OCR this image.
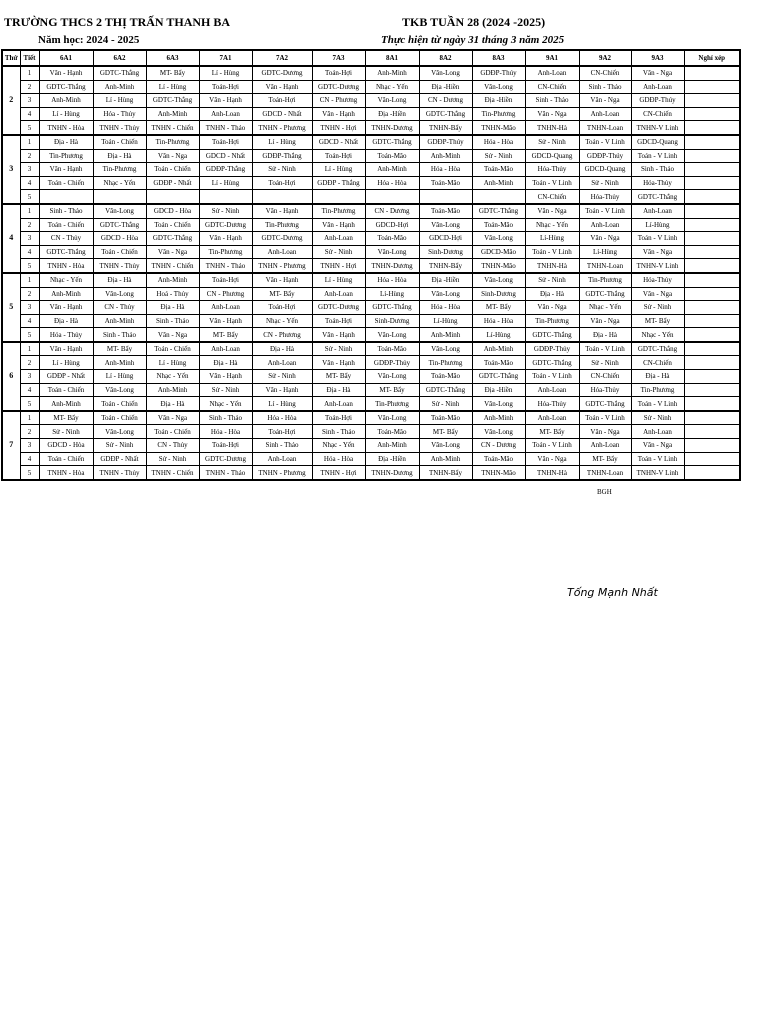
TRƯỜNG THCS 2 THỊ TRẤN THANH BA	TKB TUẦN 28 (2024 -2025)
Năm học: 2024 - 2025	Thực hiện từ ngày 31 tháng 3 năm 2025
Thứ	Tiết	6A1	6A2	6A3	7A1	7A2	7A3	8A1	8A2	8A3	9A1	9A2	9A3	Nghỉ xép
2	1	Văn - Hạnh	GDTC-Thắng	MT- Bẩy	Lí - Hùng	GDTC-Dương	Toán-Hợi	Anh-Minh	Văn-Long	GDĐP-Thúy	Anh-Loan	CN-Chiến	Văn - Nga	
	2	GDTC-Thắng	Anh-Minh	Lí - Hùng	Toán-Hợi	Văn - Hạnh	GDTC-Dương	Nhạc - Yến	Địa -Hiền	Văn-Long	CN-Chiến	Sinh - Thảo	Anh-Loan	
	3	Anh-Minh	Lí - Hùng	GDTC-Thắng	Văn - Hạnh	Toán-Hợi	CN - Phương	Văn-Long	CN - Dương	Địa -Hiền	Sinh - Thảo	Văn - Nga	GDĐP-Thúy	
	4	Lí - Hùng	Hóa - Thủy	Anh-Minh	Anh-Loan	GDCD - Nhất	Văn - Hạnh	Địa -Hiền	GDTC-Thắng	Tin-Phương	Văn - Nga	Anh-Loan	CN-Chiến	
	5	TNHN - Hòa	TNHN - Thủy	TNHN - Chiến	TNHN - Thảo	TNHN - Phương	TNHN - Hợi	TNHN-Dương	TNHN-Bẩy	TNHN-Mão	TNHN-Hà	TNHN-Loan	TNHN-V Linh	
3	1	Địa - Hà	Toán - Chiến	Tin-Phương	Toán-Hợi	Lí - Hùng	GDCD - Nhất	GDTC-Thắng	GDĐP-Thúy	Hóa - Hòa	Sử - Ninh	Toán - V Linh	GDCD-Quang	
	2	Tin-Phương	Địa - Hà	Văn - Nga	GDCD - Nhất	GDĐP-Thắng	Toán-Hợi	Toán-Mão	Anh-Minh	Sử - Ninh	GDCD-Quang	GDĐP-Thúy	Toán - V Linh	
	3	Văn - Hạnh	Tin-Phương	Toán - Chiến	GDĐP-Thắng	Sử - Ninh	Lí - Hùng	Anh-Minh	Hóa - Hòa	Toán-Mão	Hóa-Thủy	GDCD-Quang	Sinh - Thảo	
	4	Toán - Chiến	Nhạc - Yến	GDĐP - Nhất	Lí - Hùng	Toán-Hợi	GDĐP - Thắng	Hóa - Hòa	Toán-Mão	Anh-Minh	Toán - V Linh	Sử - Ninh	Hóa-Thủy	
	5										CN-Chiến	Hóa-Thủy	GDTC-Thắng	
4	1	Sinh - Thảo	Văn-Long	GDCD - Hòa	Sử - Ninh	Văn - Hạnh	Tin-Phương	CN - Dương	Toán-Mão	GDTC-Thắng	Văn - Nga	Toán - V Linh	Anh-Loan	
	2	Toán - Chiến	GDTC-Thắng	Toán - Chiến	GDTC-Dương	Tin-Phương	Văn - Hạnh	GDCD-Hợi	Văn-Long	Toán-Mão	Nhạc - Yến	Anh-Loan	Lí-Hùng	
	3	CN - Thủy	GDCD - Hòa	GDTC-Thắng	Văn - Hạnh	GDTC-Dương	Anh-Loan	Toán-Mão	GDCD-Hợi	Văn-Long	Lí-Hùng	Văn - Nga	Toán - V Linh	
	4	GDTC-Thắng	Toán - Chiến	Văn - Nga	Tin-Phương	Anh-Loan	Sử - Ninh	Văn-Long	Sinh-Dương	GDCD-Mão	Toán - V Linh	Lí-Hùng	Văn - Nga	
	5	TNHN - Hòa	TNHN - Thủy	TNHN - Chiến	TNHN - Thảo	TNHN - Phương	TNHN - Hợi	TNHN-Dương	TNHN-Bẩy	TNHN-Mão	TNHN-Hà	TNHN-Loan	TNHN-V Linh	
5	1	Nhạc - Yến	Địa - Hà	Anh-Minh	Toán-Hợi	Văn - Hạnh	Lí - Hùng	Hóa - Hòa	Địa -Hiền	Văn-Long	Sử - Ninh	Tin-Phương	Hóa-Thủy	
	2	Anh-Minh	Văn-Long	Hoá - Thủy	CN - Phương	MT- Bẩy	Anh-Loan	Lí-Hùng	Văn-Long	Sinh-Dương	Địa - Hà	GDTC-Thắng	Văn - Nga	
	3	Văn - Hạnh	CN - Thủy	Địa - Hà	Anh-Loan	Toán-Hợi	GDTC-Dương	GDTC-Thắng	Hóa - Hòa	MT- Bẩy	Văn - Nga	Nhạc - Yến	Sử - Ninh	
	4	Địa - Hà	Anh-Minh	Sinh - Thảo	Văn - Hạnh	Nhạc - Yến	Toán-Hợi	Sinh-Dương	Lí-Hùng	Hóa - Hòa	Tin-Phương	Văn - Nga	MT- Bẩy	
	5	Hóa - Thủy	Sinh - Thảo	Văn - Nga	MT- Bẩy	CN - Phương	Văn - Hạnh	Văn-Long	Anh-Minh	Lí-Hùng	GDTC-Thắng	Địa - Hà	Nhạc - Yến	
6	1	Văn - Hạnh	MT- Bẩy	Toán - Chiến	Anh-Loan	Địa - Hà	Sử - Ninh	Toán-Mão	Văn-Long	Anh-Minh	GDĐP-Thủy	Toán - V Linh	GDTC-Thắng	
	2	Lí - Hùng	Anh-Minh	Lí - Hùng	Địa - Hà	Anh-Loan	Văn - Hạnh	GDĐP-Thủy	Tin-Phương	Toán-Mão	GDTC-Thắng	Sử - Ninh	CN-Chiến	
	3	GDĐP - Nhất	Lí - Hùng	Nhạc - Yến	Văn - Hạnh	Sử - Ninh	MT- Bẩy	Văn-Long	Toán-Mão	GDTC-Thắng	Toán - V Linh	CN-Chiến	Địa - Hà	
	4	Toán - Chiến	Văn-Long	Anh-Minh	Sử - Ninh	Văn - Hạnh	Địa - Hà	MT- Bẩy	GDTC-Thắng	Địa -Hiền	Anh-Loan	Hóa-Thủy	Tin-Phương	
	5	Anh-Minh	Toán - Chiến	Địa - Hà	Nhạc - Yến	Lí - Hùng	Anh-Loan	Tin-Phương	Sử - Ninh	Văn-Long	Hóa-Thủy	GDTC-Thắng	Toán - V Linh	
7	1	MT- Bẩy	Toán - Chiến	Văn - Nga	Sinh - Thảo	Hóa - Hòa	Toán-Hợi	Văn-Long	Toán-Mão	Anh-Minh	Anh-Loan	Toán - V Linh	Sử - Ninh	
	2	Sử - Ninh	Văn-Long	Toán - Chiến	Hóa - Hòa	Toán-Hợi	Sinh - Thảo	Toán-Mão	MT- Bẩy	Văn-Long	MT- Bẩy	Văn - Nga	Anh-Loan	
	3	GDCD - Hòa	Sử - Ninh	CN - Thủy	Toán-Hợi	Sinh - Thảo	Nhạc - Yến	Anh-Minh	Văn-Long	CN - Dương	Toán - V Linh	Anh-Loan	Văn - Nga	
	4	Toán - Chiến	GDĐP - Nhất	Sử - Ninh	GDTC-Dương	Anh-Loan	Hóa - Hòa	Địa -Hiền	Anh-Minh	Toán-Mão	Văn - Nga	MT- Bẩy	Toán - V Linh	
	5	TNHN - Hòa	TNHN - Thủy	TNHN - Chiến	TNHN - Thảo	TNHN - Phương	TNHN - Hợi	TNHN-Dương	TNHN-Bẩy	TNHN-Mão	TNHN-Hà	TNHN-Loan	TNHN-V Linh	
BGH
Tống Mạnh Nhất
